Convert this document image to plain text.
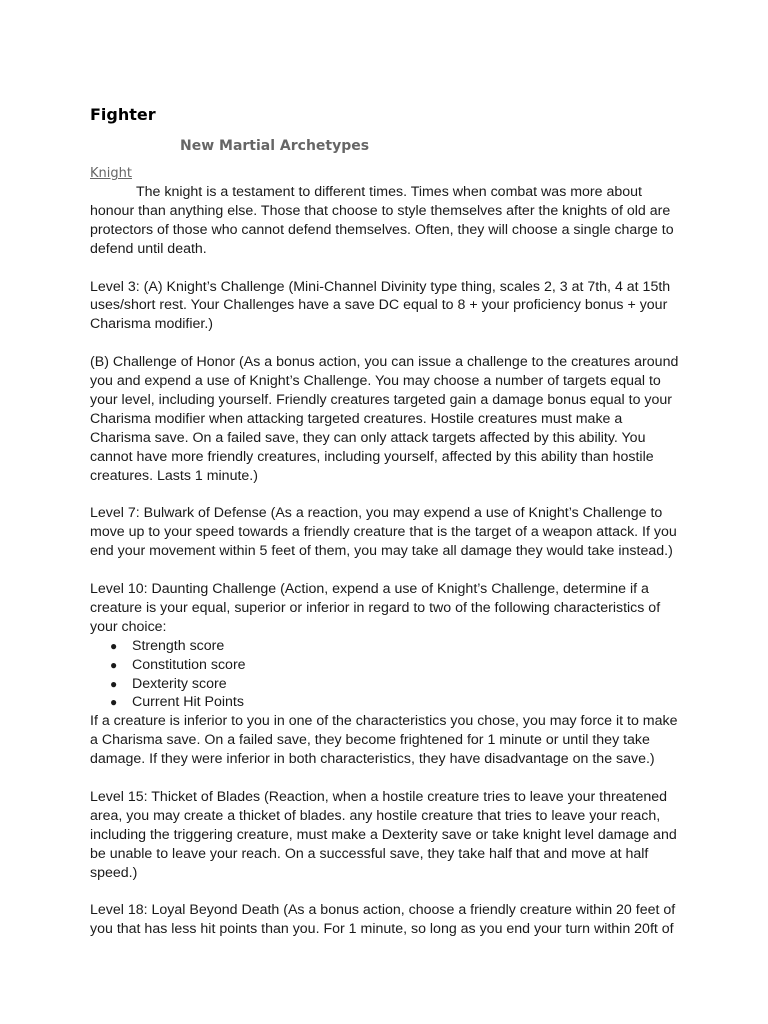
Fighter
New Martial Archetypes
Knight

The knight is a testament to different times. Times when combat was more about honour than anything else. Those that choose to style themselves after the knights of old are protectors of those who cannot defend themselves. Often, they will choose a single charge to defend until death.

Level 3: (A) Knight’s Challenge (Mini-Channel Divinity type thing, scales 2, 3 at 7th, 4 at 15th uses/short rest. Your Challenges have a save DC equal to 8 + your proficiency bonus + your Charisma modifier.)

(B) Challenge of Honor (As a bonus action, you can issue a challenge to the creatures around you and expend a use of Knight’s Challenge. You may choose a number of targets equal to your level, including yourself. Friendly creatures targeted gain a damage bonus equal to your Charisma modifier when attacking targeted creatures. Hostile creatures must make a Charisma save. On a failed save, they can only attack targets affected by this ability. You cannot have more friendly creatures, including yourself, affected by this ability than hostile creatures. Lasts 1 minute.)

Level 7: Bulwark of Defense (As a reaction, you may expend a use of Knight’s Challenge to move up to your speed towards a friendly creature that is the target of a weapon attack. If you end your movement within 5 feet of them, you may take all damage they would take instead.)

Level 10: Daunting Challenge (Action, expend a use of Knight’s Challenge, determine if a creature is your equal, superior or inferior in regard to two of the following characteristics of your choice:

● Strength score
● Constitution score
● Dexterity score
● Current Hit Points

If a creature is inferior to you in one of the characteristics you chose, you may force it to make a Charisma save. On a failed save, they become frightened for 1 minute or until they take damage. If they were inferior in both characteristics, they have disadvantage on the save.)

Level 15: Thicket of Blades (Reaction, when a hostile creature tries to leave your threatened area, you may create a thicket of blades. any hostile creature that tries to leave your reach, including the triggering creature, must make a Dexterity save or take knight level damage and be unable to leave your reach. On a successful save, they take half that and move at half speed.)

Level 18: Loyal Beyond Death (As a bonus action, choose a friendly creature within 20 feet of you that has less hit points than you. For 1 minute, so long as you end your turn within 20ft of
